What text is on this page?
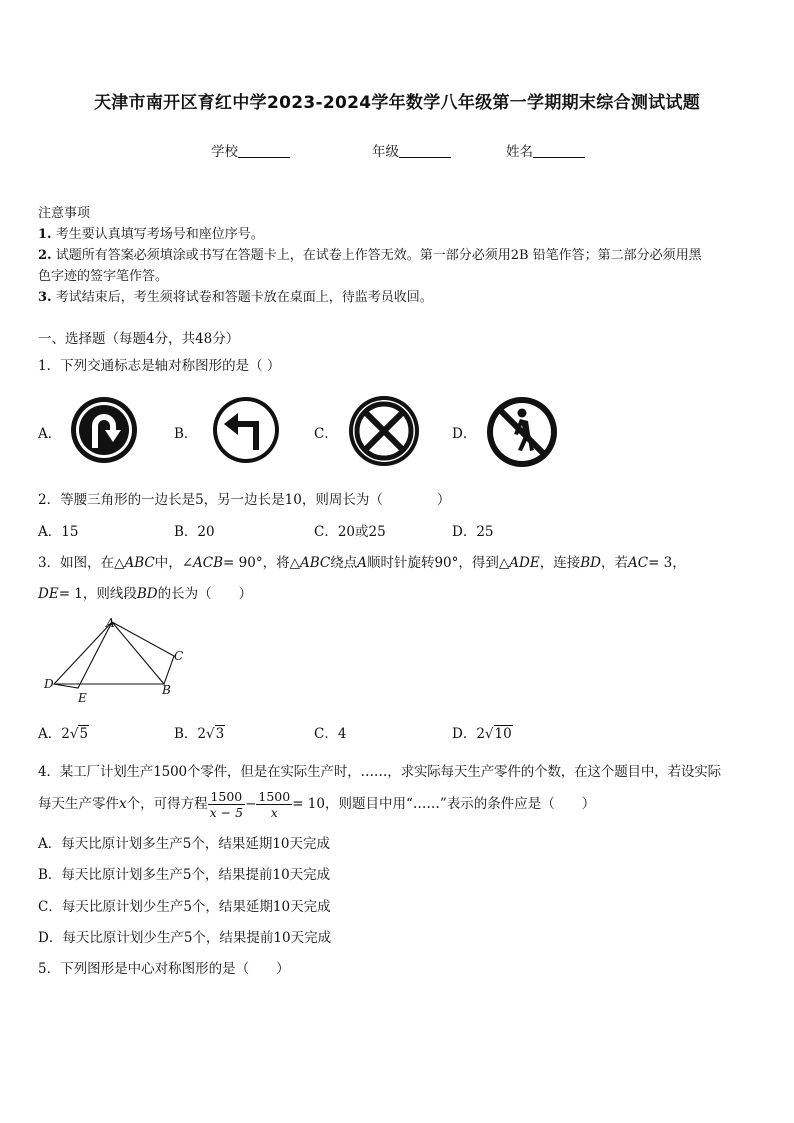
天津市南开区育红中学2023-2024学年数学八年级第一学期期末综合测试试题
学校	年级	姓名
注意事项
1. 考生要认真填写考场号和座位序号。
2. 试题所有答案必须填涂或书写在答题卡上，在试卷上作答无效。第一部分必须用2B 铅笔作答；第二部分必须用黑
色字迹的签字笔作答。
3. 考试结束后，考生须将试卷和答题卡放在桌面上，待监考员收回。
一、选择题（每题4分，共48分）
1．下列交通标志是轴对称图形的是（ ）
A．	B．	C．	D．
2．等腰三角形的一边长是5，另一边长是10，则周长为（　　　　）
A．15	B．20	C．20或25	D．25
3．如图，在△ABC中，∠ACB= 90°，将△ABC绕点A顺时针旋转90°，得到△ADE，连接BD，若AC= 3，
DE= 1，则线段BD的长为（　　）
A
B
C
D
E
A．2√5	B．2√3	C．4	D．2√10
4．某工厂计划生产1500个零件，但是在实际生产时，……，求实际每天生产零件的个数，在这个题目中，若设实际
每天生产零件x个，可得方程 $\frac{1500}{x - 5} - \frac{1500}{x} = 10$，则题目中用“……”表示的条件应是（　　）
A．每天比原计划多生产5个，结果延期10天完成
B．每天比原计划多生产5个，结果提前10天完成
C．每天比原计划少生产5个，结果延期10天完成
D．每天比原计划少生产5个，结果提前10天完成
5．下列图形是中心对称图形的是（　　）
